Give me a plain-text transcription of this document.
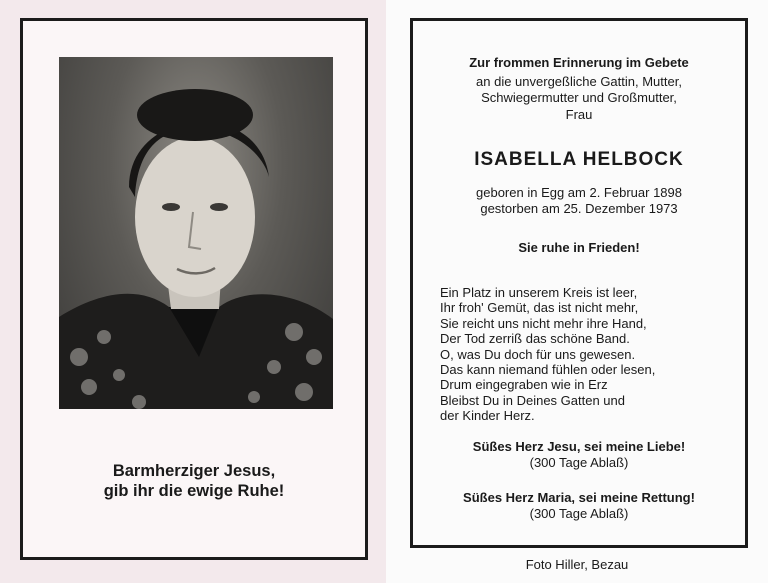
Barmherziger Jesus,
gib ihr die ewige Ruhe!
Zur frommen Erinnerung im Gebete
an die unvergeßliche Gattin, Mutter,
Schwiegermutter und Großmutter,
Frau
ISABELLA HELBOCK
geboren in Egg am 2. Februar 1898
gestorben am 25. Dezember 1973
Sie ruhe in Frieden!
Ein Platz in unserem Kreis ist leer,
Ihr froh' Gemüt, das ist nicht mehr,
Sie reicht uns nicht mehr ihre Hand,
Der Tod zerriß das schöne Band.
O, was Du doch für uns gewesen.
Das kann niemand fühlen oder lesen,
Drum eingegraben wie in Erz
Bleibst Du in Deines Gatten und
der Kinder Herz.
Süßes Herz Jesu, sei meine Liebe!
(300 Tage Ablaß)
Süßes Herz Maria, sei meine Rettung!
(300 Tage Ablaß)
Foto Hiller, Bezau
